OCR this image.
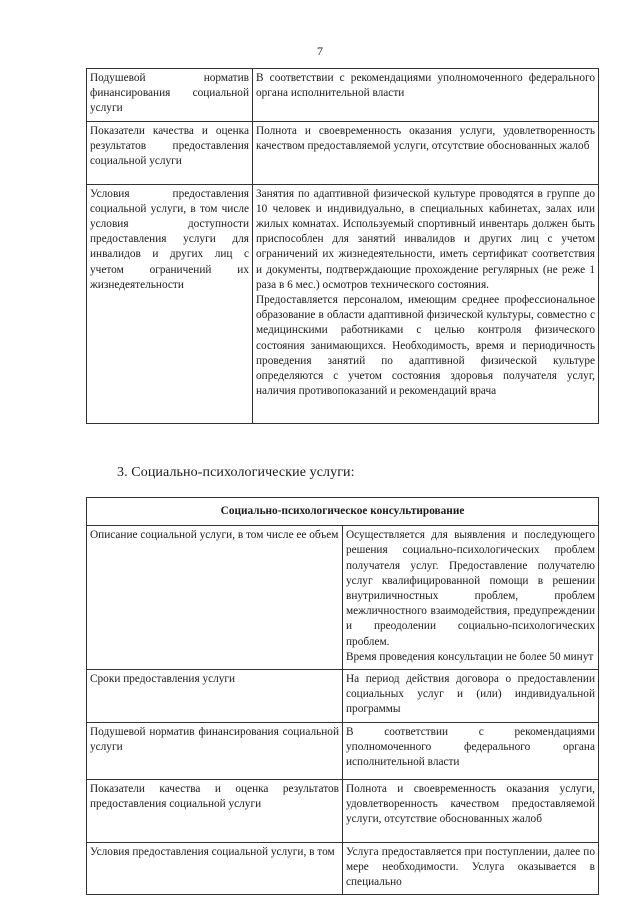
7
Подушевой норматив финансирования социальной услуги	В соответствии с рекомендациями уполномоченного федерального органа исполнительной власти

Показатели качества и оценка результатов предоставления социальной услуги	Полнота и своевременность оказания услуги, удовлетворенность качеством предоставляемой услуги, отсутствие обоснованных жалоб

Условия предоставления социальной услуги, в том числе условия доступности предоставления услуги для инвалидов и других лиц с учетом ограничений их жизнедеятельности	Занятия по адаптивной физической культуре проводятся в группе до 10 человек и индивидуально, в специальных кабинетах, залах или жилых комнатах. Используемый спортивный инвентарь должен быть приспособлен для занятий инвалидов и других лиц с учетом ограничений их жизнедеятельности, иметь сертификат соответствия и документы, подтверждающие прохождение регулярных (не реже 1 раза в 6 мес.) осмотров технического состояния.

Предоставляется персоналом, имеющим среднее профессиональное образование в области адаптивной физической культуры, совместно с медицинскими работниками с целью контроля физического состояния занимающихся. Необходимость, время и периодичность проведения занятий по адаптивной физической культуре определяются с учетом состояния здоровья получателя услуг, наличия противопоказаний и рекомендаций врача

3. Социально-психологические услуги:
Социально-психологическое консультирование	
Описание социальной услуги, в том числе ее объем	Осуществляется для выявления и последующего решения социально-психологических проблем получателя услуг. Предоставление получателю услуг квалифицированной помощи в решении внутриличностных проблем, проблем межличностного взаимодействия, предупреждении и преодолении социально-психологических проблем.

Время проведения консультации не более 50 минут

Сроки предоставления услуги	На период действия договора о предоставлении социальных услуг и (или) индивидуальной программы

Подушевой норматив финансирования социальной услуги	В соответствии с рекомендациями уполномоченного федерального органа исполнительной власти

Показатели качества и оценка результатов предоставления социальной услуги	Полнота и своевременность оказания услуги, удовлетворенность качеством предоставляемой услуги, отсутствие обоснованных жалоб

Условия предоставления социальной услуги, в том	Услуга предоставляется при поступлении, далее по мере необходимости. Услуга оказывается в специально
